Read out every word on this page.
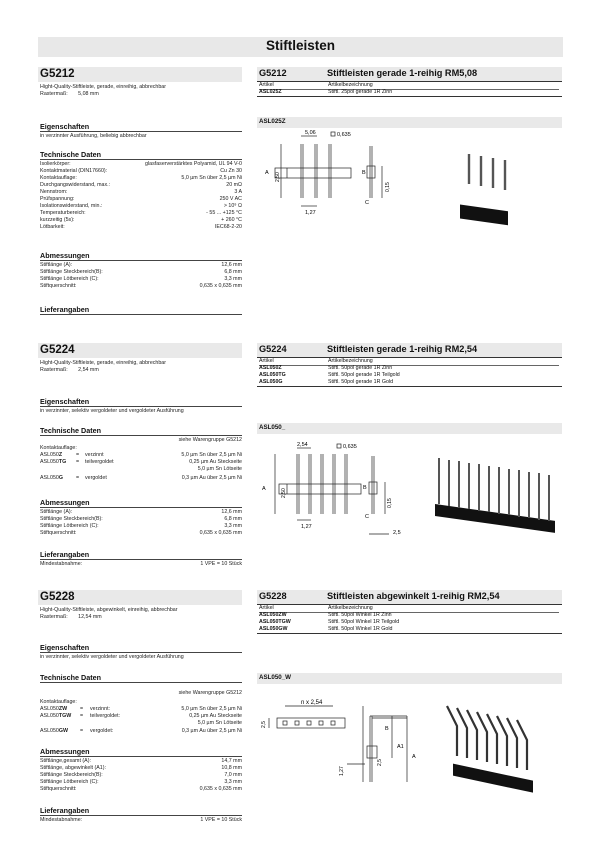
Stiftleisten
G5212
Hight-Quality-Stiftleiste, gerade, einreihig, abbrechbar
Rastermaß: 5,08 mm
Eigenschaften
in verzinnter Ausführung, beliebig abbrechbar
Technische Daten
Isolierkörper:	glasfaserverstärktes Polyamid, UL 94 V-0
Kontaktmaterial (DIN17660):	Cu Zn 30
Kontaktauflage:	5,0 µm Sn über 2,5 µm Ni
Durchgangswiderstand, max.:	20 mΩ
Nennstrom:	3 A
Prüfspannung:	250 V AC
Isolationswiderstand, min.:	> 10⁹ Ω
Temperaturbereich:	- 55 ... +125 °C
kurzzeitig (5s):	+ 260 °C
Lötbarkeit:	IEC68-2-20
Abmessungen
Stiftlänge (A):	12,6 mm
Stiftlänge Steckbereich(B):	6,8 mm
Stiftlänge Lötbereich (C):	3,3 mm
Stiftquerschnitt:	0,635 x 0,635 mm
Lieferangaben
G5212	Stiftleisten gerade 1-reihig RM5,08
Artikel	Artikelbezeichnung
ASL025Z	Stiftl. 25pol gerade 1R Zinn
ASL025Z
5,06	0,635
A 2,50
1,27
B
C
0,15
G5224
Hight-Quality-Stiftleiste, gerade, einreihig, abbrechbar
Rastermaß: 2,54 mm
Eigenschaften
in verzinnter, selektiv vergoldeter und vergoldeter Ausführung
Technische Daten
siehe Warengruppe G5212
Kontaktauflage:
ASL050Z	= verzinnt	5,0 µm Sn über 2,5 µm Ni
ASL050TG = teilvergoldet	0,25 µm Au Steckseite
5,0 µm Sn Lötseite
ASL050G = vergoldet	0,3 µm Au über 2,5 µm Ni
Abmessungen
Stiftlänge (A):	12,6 mm
Stiftlänge Steckbereich(B):	6,8 mm
Stiftlänge Lötbereich (C):	3,3 mm
Stiftquerschnitt:	0,635 x 0,635 mm
Lieferangaben
Mindestabnahme:	1 VPE = 10 Stück
G5224	Stiftleisten gerade 1-reihig RM2,54
Artikel	Artikelbezeichnung
ASL050Z	Stiftl. 50pol gerade 1R Zinn
ASL050TG	Stiftl. 50pol gerade 1R Teilgold
ASL050G	Stiftl. 50pol gerade 1R Gold
ASL050_
2,54	0,635
A	2,50
1,27
B
C
0,15
2,5
G5228
Hight-Quality-Stiftleiste, abgewinkelt, einreihig, abbrechbar
Rastermaß: 12,54 mm
Eigenschaften
in verzinnter, selektiv vergoldeter und vergoldeter Ausführung
Technische Daten
siehe Warengruppe G5212
Kontaktauflage:
ASL050ZW = verzinnt:	5,0 µm Sn über 2,5 µm Ni
ASL050TGW = teilvergoldet:	0,25 µm Au Steckseite
5,0 µm Sn Lötseite
ASL050GW = vergoldet:	0,3 µm Au über 2,5 µm Ni
Abmessungen
Stiftlänge,gesamt (A):	14,7 mm
Stiftlänge, abgewinkelt (A1):	10,8 mm
Stiftlänge Steckbereich(B):	7,0 mm
Stiftlänge Lötbereich (C):	3,3 mm
Stiftquerschnitt:	0,635 x 0,635 mm
Lieferangaben
Mindestabnahme:	1 VPE = 10 Stück
G5228	Stiftleisten abgewinkelt 1-reihig RM2,54
Artikel	Artikelbezeichnung
ASL050ZW	Stiftl. 50pol Winkel 1R Zinn
ASL050TGW	Stiftl. 50pol Winkel 1R Teilgold
ASL050GW	Stiftl. 50pol Winkel 1R Gold
ASL050_W
n x 2,54
2,5
1,27
2,5
A1
B
A
